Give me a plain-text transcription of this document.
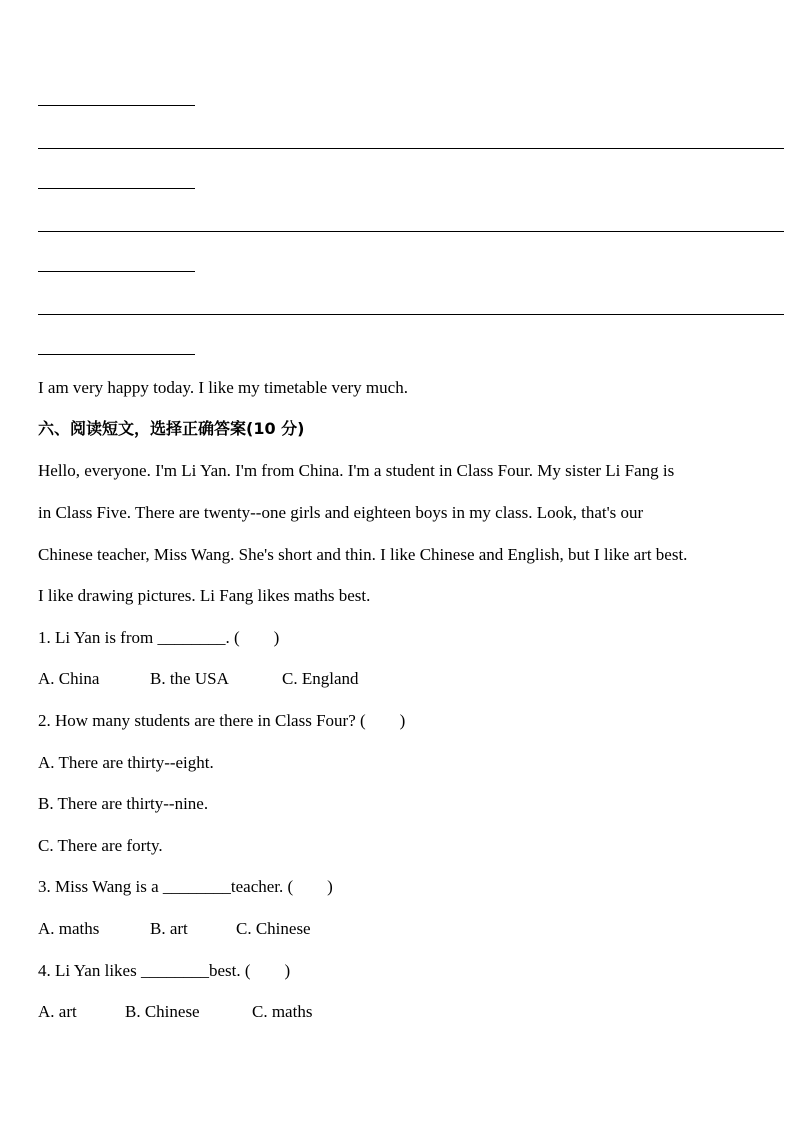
I am very happy today. I like my timetable very much.
六、阅读短文，选择正确答案(10 分)
Hello, everyone. I'm Li Yan. I'm from China. I'm a student in Class Four. My sister Li Fang is
in Class Five. There are twenty--one girls and eighteen boys in my class. Look, that's our
Chinese teacher, Miss Wang. She's short and thin. I like Chinese and English, but I like art best.
I like drawing pictures. Li Fang likes maths best.
1. Li Yan is from ________. (　　)
A. China	B. the USA	C. England
2. How many students are there in Class Four? (　　)
A. There are thirty--eight.
B. There are thirty--nine.
C. There are forty.
3. Miss Wang is a ________teacher. (　　)
A. maths	B. art	C. Chinese
4. Li Yan likes ________best. (　　)
A. art	B. Chinese	C. maths
